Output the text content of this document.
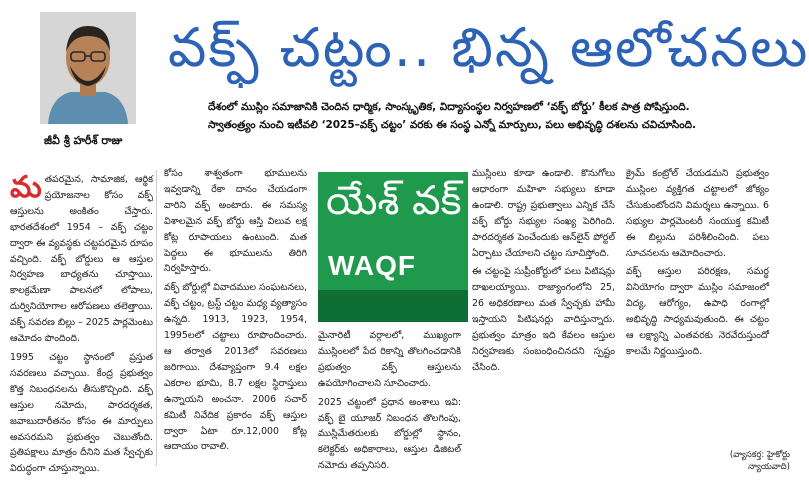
జీవీ శ్రీ హరీశ్ రాజు
వక్ఫ్ చట్టం.. భిన్న ఆలోచనలు
దేశంలో ముస్లిం సమాజానికి చెందిన ధార్మిక, సాంస్కృతిక, విద్యాసంస్థల నిర్వహణలో ‘వక్ఫ్ బోర్డు’ కీలక పాత్ర పోషిస్తుంది.
స్వాతంత్ర్యం నుంచి ఇటీవలి ‘2025–వక్ఫ్ చట్టం’ వరకు ఈ సంస్థ ఎన్నో మార్పులు, పలు అభివృద్ధి దశలను చవిచూసింది.
మ తపరమైన, సామాజిక, ఆర్థిక ప్రయోజనాల కోసం వక్ఫ్ ఆస్తులను అంకితం చేస్తారు. భారతదేశంలో 1954 – వక్ఫ్ చట్టం ద్వారా ఈ వ్యవస్థకు చట్టపరమైన రూపం వచ్చింది. వక్ఫ్ బోర్డులు ఆ ఆస్తుల నిర్వహణ బాధ్యతను చూస్తాయి. కాలక్రమేణా పాలనలో లోపాలు, దుర్వినియోగాల ఆరోపణలు తలెత్తాయి. వక్ఫ్ సవరణ బిల్లు – 2025 పార్లమెంటు ఆమోదం పొందింది.

1995 చట్టం స్థానంలో ప్రస్తుత సవరణలు వచ్చాయి. కేంద్ర ప్రభుత్వం కొత్త నిబంధనలను తీసుకొచ్చింది. వక్ఫ్ ఆస్తుల నమోదు, పారదర్శకత, జవాబుదారీతనం కోసం ఈ మార్పులు అవసరమని ప్రభుత్వం చెబుతోంది. ప్రతిపక్షాలు మాత్రం దీనిని మత స్వేచ్ఛకు విరుద్ధంగా చూస్తున్నాయి.

కోసం శాశ్వతంగా భూములను ఇవ్వడాన్ని రేకా దానం చేయడంగా వారిని వక్ఫ్ అంటారు. ఈ సమస్య విశాలమైన వక్ఫ్ బోర్డు ఆస్తి విలువ లక్ష కోట్ల రూపాయలు ఉంటుంది. మత పెద్దలు ఈ భూములను తిరిగి నిర్వహిస్తారు.

వక్ఫ్ బోర్డుల్లో వివాదముల సంఘటనలు, వక్ఫ్ చట్టం, ట్రస్ట్ చట్టం మధ్య వ్యత్యాసం ఉన్నది. 1913, 1923, 1954, 1995లలో చట్టాలు రూపొందించారు. ఆ తర్వాత 2013లో సవరణలు జరిగాయి. దేశవ్యాప్తంగా 9.4 లక్షల ఎకరాల భూమి, 8.7 లక్షల స్థిరాస్తులు ఉన్నాయని అంచనా. 2006 సచార్ కమిటీ నివేదిక ప్రకారం వక్ఫ్ ఆస్తుల ద్వారా ఏటా రూ.12,000 కోట్ల ఆదాయం రావాలి.

యేశ్ వక్
WAQF

మైనారిటీ వర్గాలలో, ముఖ్యంగా ముస్లింలలో పేద రికాన్ని తొలగించడానికి ప్రభుత్వం వక్ఫ్ ఆస్తులను ఉపయోగించాలని సూచించారు.

2025 చట్టంలో ప్రధాన అంశాలు ఇవి: వక్ఫ్ బై యూజర్ నిబంధన తొలగింపు, ముస్లిమేతరులకు బోర్డుల్లో స్థానం, కలెక్టర్‌కు అధికారాలు, ఆస్తుల డిజిటల్ నమోదు తప్పనిసరి.

ముస్లింలు కూడా ఉండాలి. కొనుగోలు ఆధారంగా మహిళా సభ్యులు కూడా ఉండాలి. రాష్ట్ర ప్రభుత్వాలు ఎన్నిక చేసే వక్ఫ్ బోర్డు సభ్యుల సంఖ్య పెరిగింది. పారదర్శకత పెంచేందుకు ఆన్‌లైన్ పోర్టల్ ఏర్పాటు చేయాలని చట్టం సూచిస్తోంది.

ఈ చట్టంపై సుప్రీంకోర్టులో పలు పిటిషన్లు దాఖలయ్యాయి. రాజ్యాంగంలోని 25, 26 అధికరణాలు మత స్వేచ్ఛకు హామీ ఇస్తాయని పిటిషనర్లు వాదిస్తున్నారు. ప్రభుత్వం మాత్రం ఇది కేవలం ఆస్తుల నిర్వహణకు సంబంధించినదని స్పష్టం చేసింది.

క్రైమ్ కంట్రోల్ చేయడమని ప్రభుత్వం ముస్లింల వ్యక్తిగత చట్టాలలో జోక్యం చేసుకుంటోందని విమర్శలు ఉన్నాయి. 6 సభ్యుల పార్లమెంటరీ సంయుక్త కమిటీ ఈ బిల్లును పరిశీలించింది. పలు సూచనలను ఆమోదించారు.

వక్ఫ్ ఆస్తుల పరిరక్షణ, సమర్థ వినియోగం ద్వారా ముస్లిం సమాజంలో విద్య, ఆరోగ్యం, ఉపాధి రంగాల్లో అభివృద్ధి సాధ్యమవుతుంది. ఈ చట్టం ఆ లక్ష్యాన్ని ఎంతవరకు నెరవేరుస్తుందో కాలమే నిర్ణయిస్తుంది.

(వ్యాసకర్త: హైకోర్టు న్యాయవాది)
